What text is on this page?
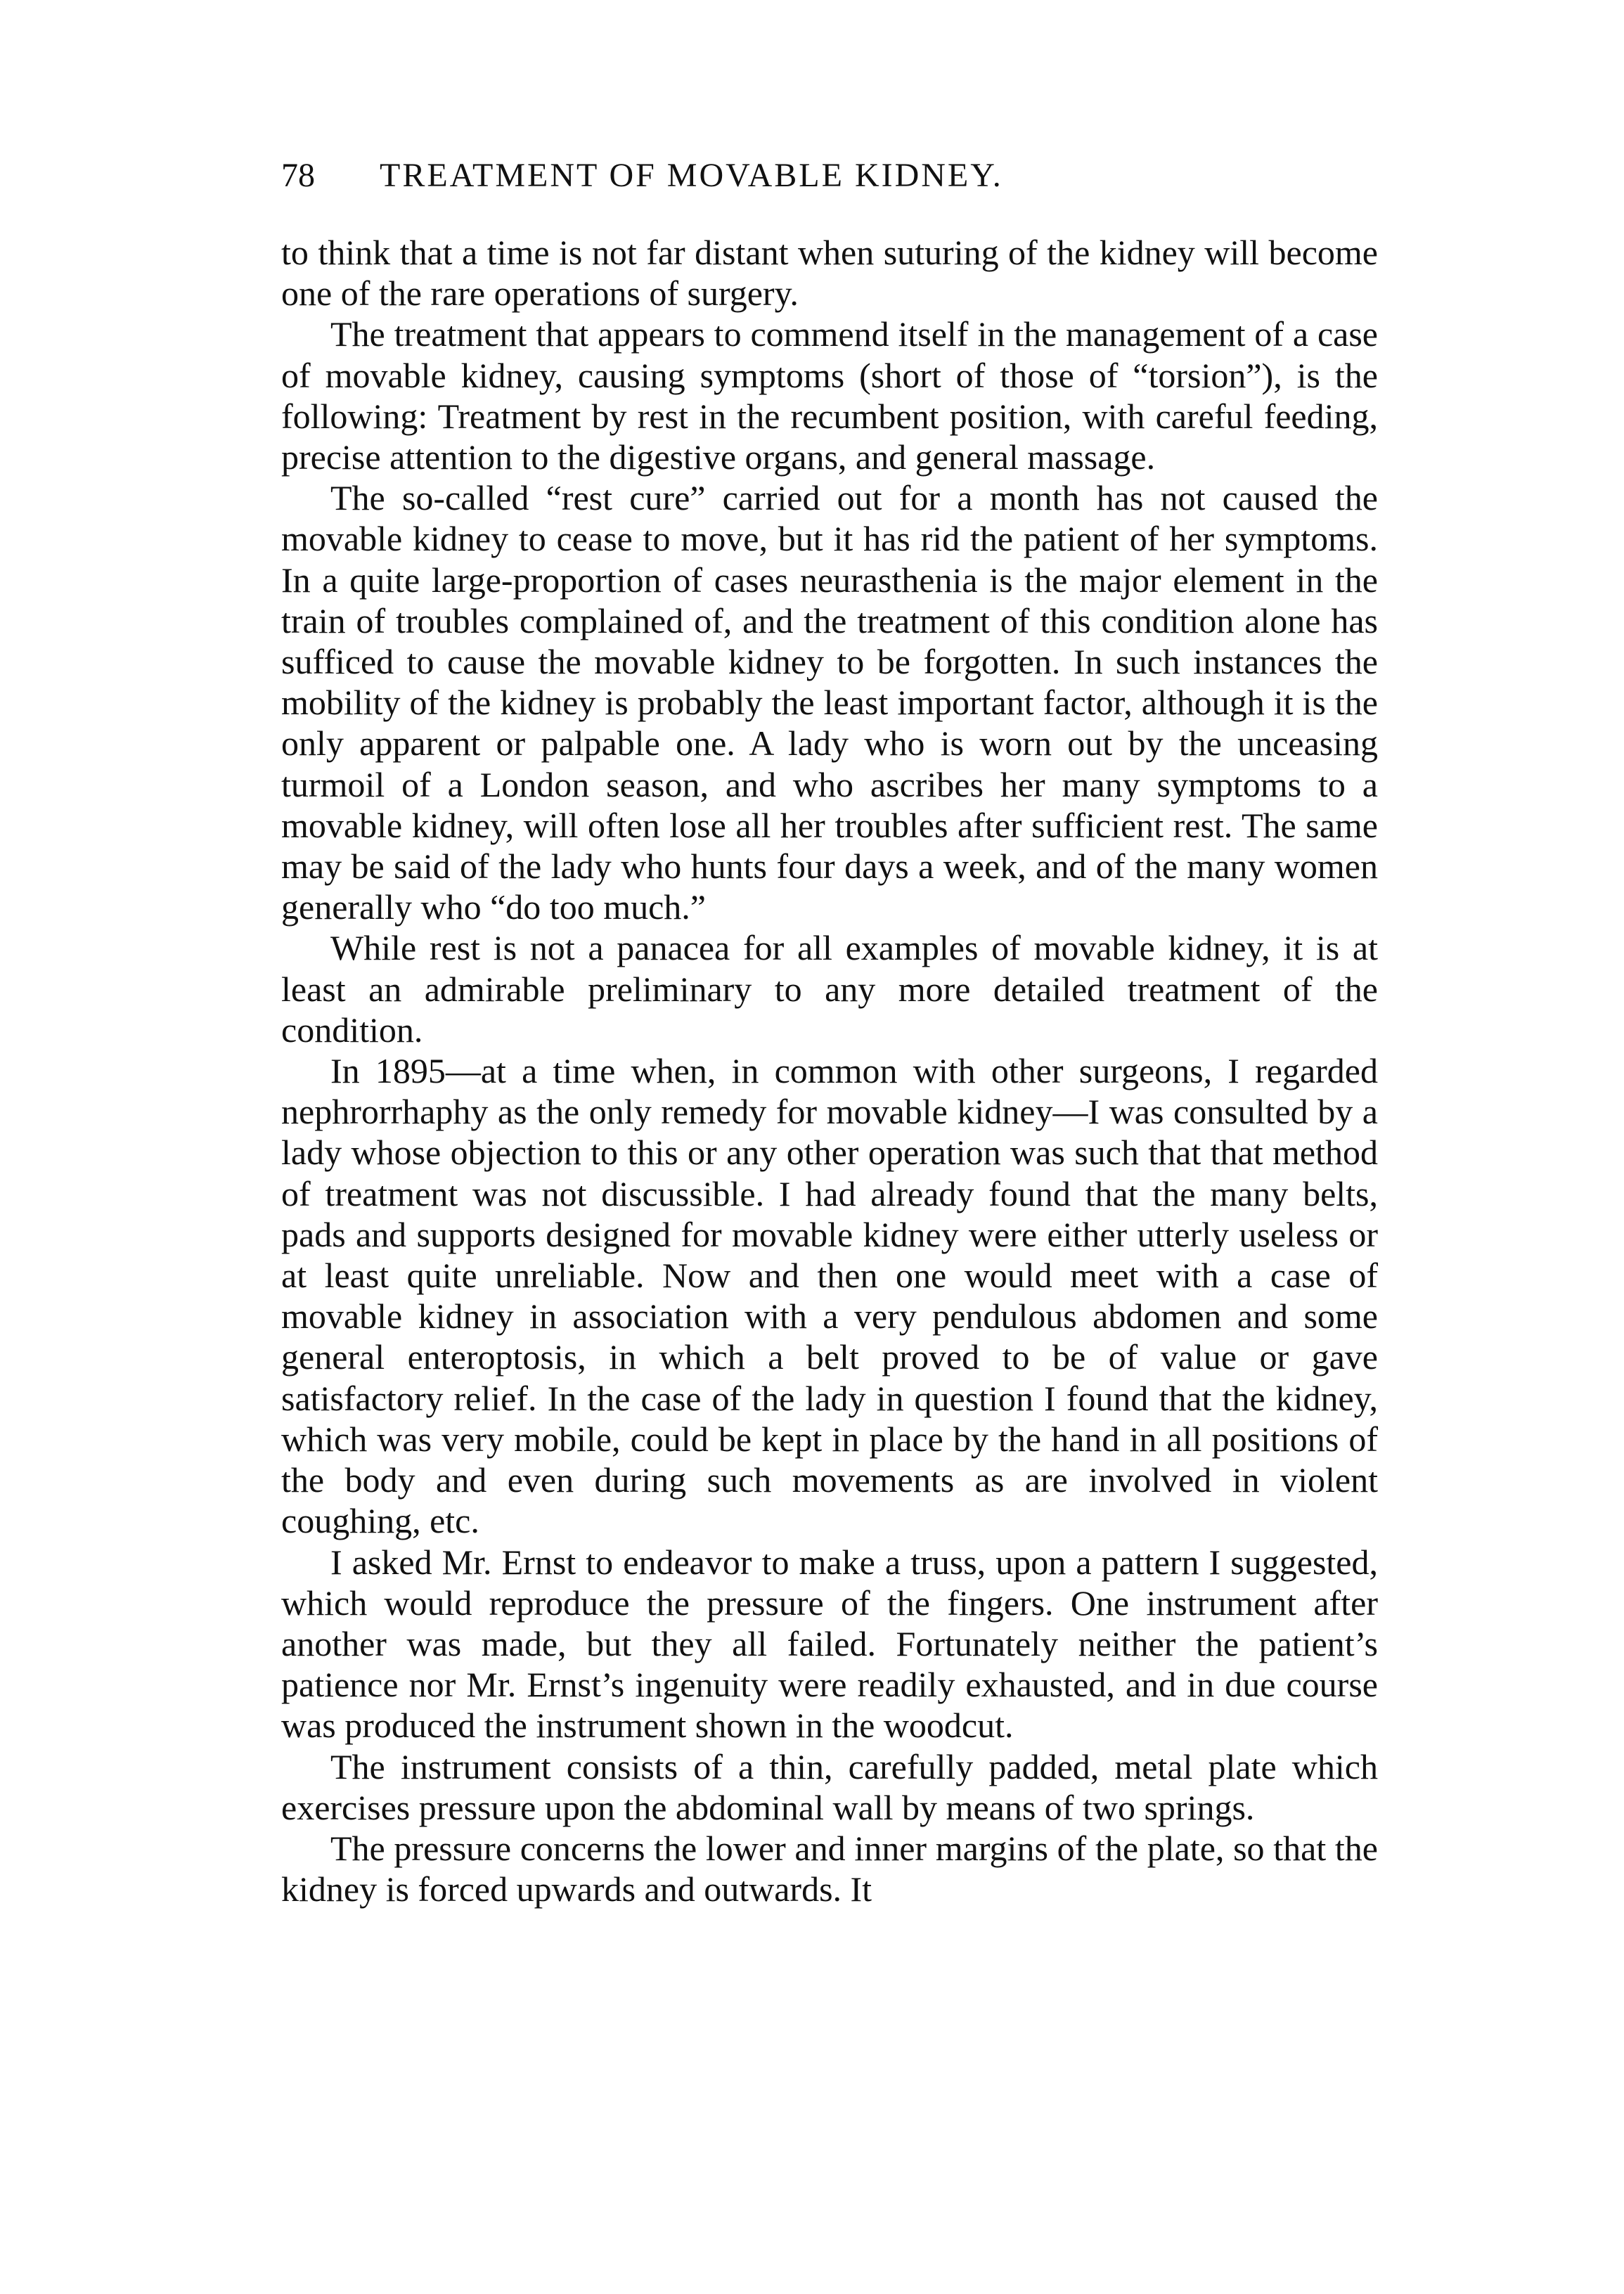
78 TREATMENT OF MOVABLE KIDNEY.

to think that a time is not far distant when suturing of the kidney will become one of the rare operations of surgery.

The treatment that appears to commend itself in the management of a case of movable kidney, causing symptoms (short of those of “torsion”), is the following: Treatment by rest in the recumbent position, with careful feeding, precise attention to the digestive organs, and general massage.

The so-called “rest cure” carried out for a month has not caused the movable kidney to cease to move, but it has rid the patient of her symptoms. In a quite large-proportion of cases neurasthenia is the major element in the train of troubles complained of, and the treatment of this condition alone has sufficed to cause the movable kidney to be forgotten. In such instances the mobility of the kidney is probably the least important factor, although it is the only apparent or palpable one. A lady who is worn out by the unceasing turmoil of a London season, and who ascribes her many symptoms to a movable kidney, will often lose all her troubles after sufficient rest. The same may be said of the lady who hunts four days a week, and of the many women generally who “do too much.”

While rest is not a panacea for all examples of movable kidney, it is at least an admirable preliminary to any more detailed treatment of the condition.

In 1895—at a time when, in common with other surgeons, I regarded nephrorrhaphy as the only remedy for movable kidney—I was consulted by a lady whose objection to this or any other operation was such that that method of treatment was not discussible. I had already found that the many belts, pads and supports designed for movable kidney were either utterly useless or at least quite unreliable. Now and then one would meet with a case of movable kidney in association with a very pendulous abdomen and some general enteroptosis, in which a belt proved to be of value or gave satisfactory relief. In the case of the lady in question I found that the kidney, which was very mobile, could be kept in place by the hand in all positions of the body and even during such movements as are involved in violent coughing, etc.

I asked Mr. Ernst to endeavor to make a truss, upon a pattern I suggested, which would reproduce the pressure of the fingers. One instrument after another was made, but they all failed. Fortunately neither the patient’s patience nor Mr. Ernst’s ingenuity were readily exhausted, and in due course was produced the instrument shown in the woodcut.

The instrument consists of a thin, carefully padded, metal plate which exercises pressure upon the abdominal wall by means of two springs.

The pressure concerns the lower and inner margins of the plate, so that the kidney is forced upwards and outwards. It
